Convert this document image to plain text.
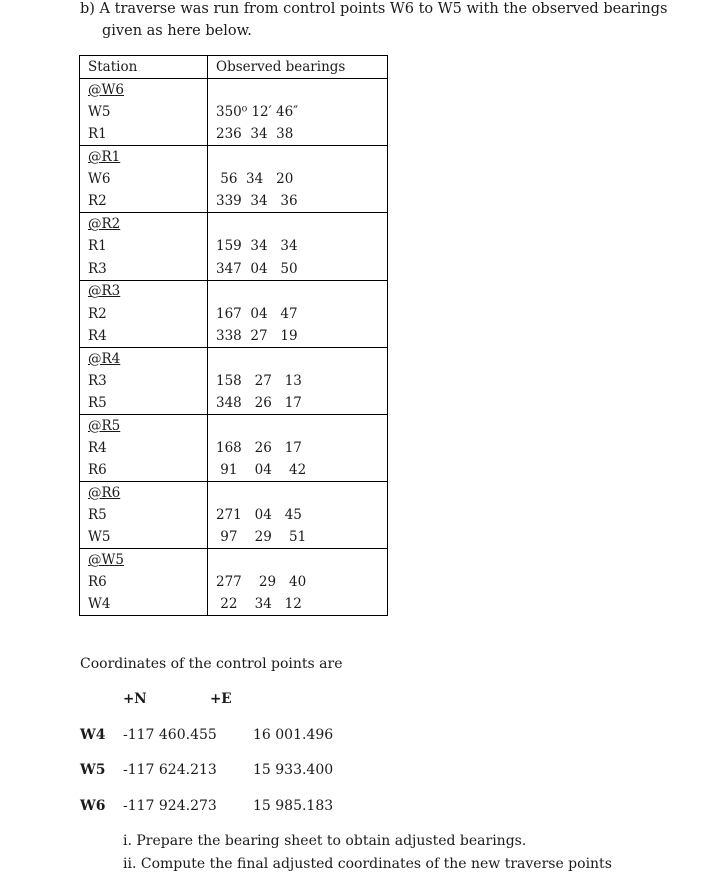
b) A traverse was run from control points W6 to W5 with the observed bearings
given as here below.
Station	Observed bearings
@W6	
W5	350⁰ 12′ 46″
R1	236  34  38
@R1	
W6	56  34   20
R2	339  34   36
@R2	
R1	159  34   34
R3	347  04   50
@R3	
R2	167  04   47
R4	338  27   19
@R4	
R3	158   27   13
R5	348   26   17
@R5	
R4	168   26   17
R6	91    04    42
@R6	
R5	271   04   45
W5	97    29    51
@W5	
R6	277    29   40
W4	22    34   12
Coordinates of the control points are
+N	+E
W4 -117 460.455	16 001.496
W5 -117 624.213	15 933.400
W6 -117 924.273	15 985.183
i. Prepare the bearing sheet to obtain adjusted bearings.
ii. Compute the final adjusted coordinates of the new traverse points
